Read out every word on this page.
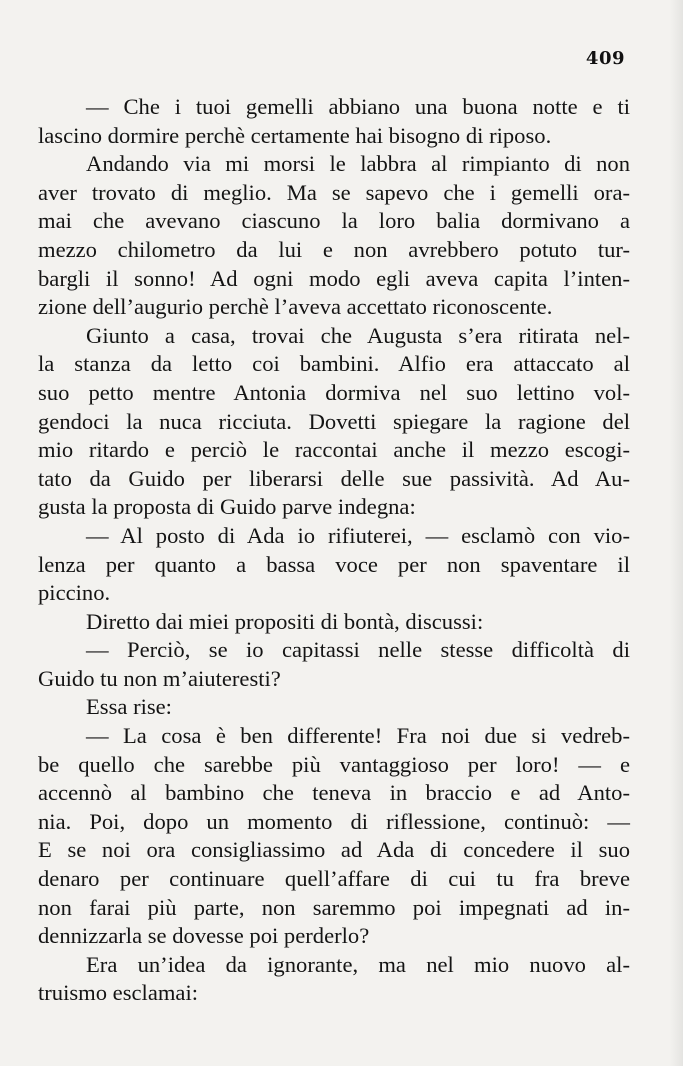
409
— Che i tuoi gemelli abbiano una buona notte e ti
lascino dormire perchè certamente hai bisogno di riposo.
Andando via mi morsi le labbra al rimpianto di non
aver trovato di meglio. Ma se sapevo che i gemelli ora-
mai che avevano ciascuno la loro balia dormivano a
mezzo chilometro da lui e non avrebbero potuto tur-
bargli il sonno! Ad ogni modo egli aveva capita l’inten-
zione dell’augurio perchè l’aveva accettato riconoscente.
Giunto a casa, trovai che Augusta s’era ritirata nel-
la stanza da letto coi bambini. Alfio era attaccato al
suo petto mentre Antonia dormiva nel suo lettino vol-
gendoci la nuca ricciuta. Dovetti spiegare la ragione del
mio ritardo e perciò le raccontai anche il mezzo escogi-
tato da Guido per liberarsi delle sue passività. Ad Au-
gusta la proposta di Guido parve indegna:
— Al posto di Ada io rifiuterei, — esclamò con vio-
lenza per quanto a bassa voce per non spaventare il
piccino.
Diretto dai miei propositi di bontà, discussi:
— Perciò, se io capitassi nelle stesse difficoltà di
Guido tu non m’aiuteresti?
Essa rise:
— La cosa è ben differente! Fra noi due si vedreb-
be quello che sarebbe più vantaggioso per loro! — e
accennò al bambino che teneva in braccio e ad Anto-
nia. Poi, dopo un momento di riflessione, continuò: —
E se noi ora consigliassimo ad Ada di concedere il suo
denaro per continuare quell’affare di cui tu fra breve
non farai più parte, non saremmo poi impegnati ad in-
dennizzarla se dovesse poi perderlo?
Era un’idea da ignorante, ma nel mio nuovo al-
truismo esclamai:
